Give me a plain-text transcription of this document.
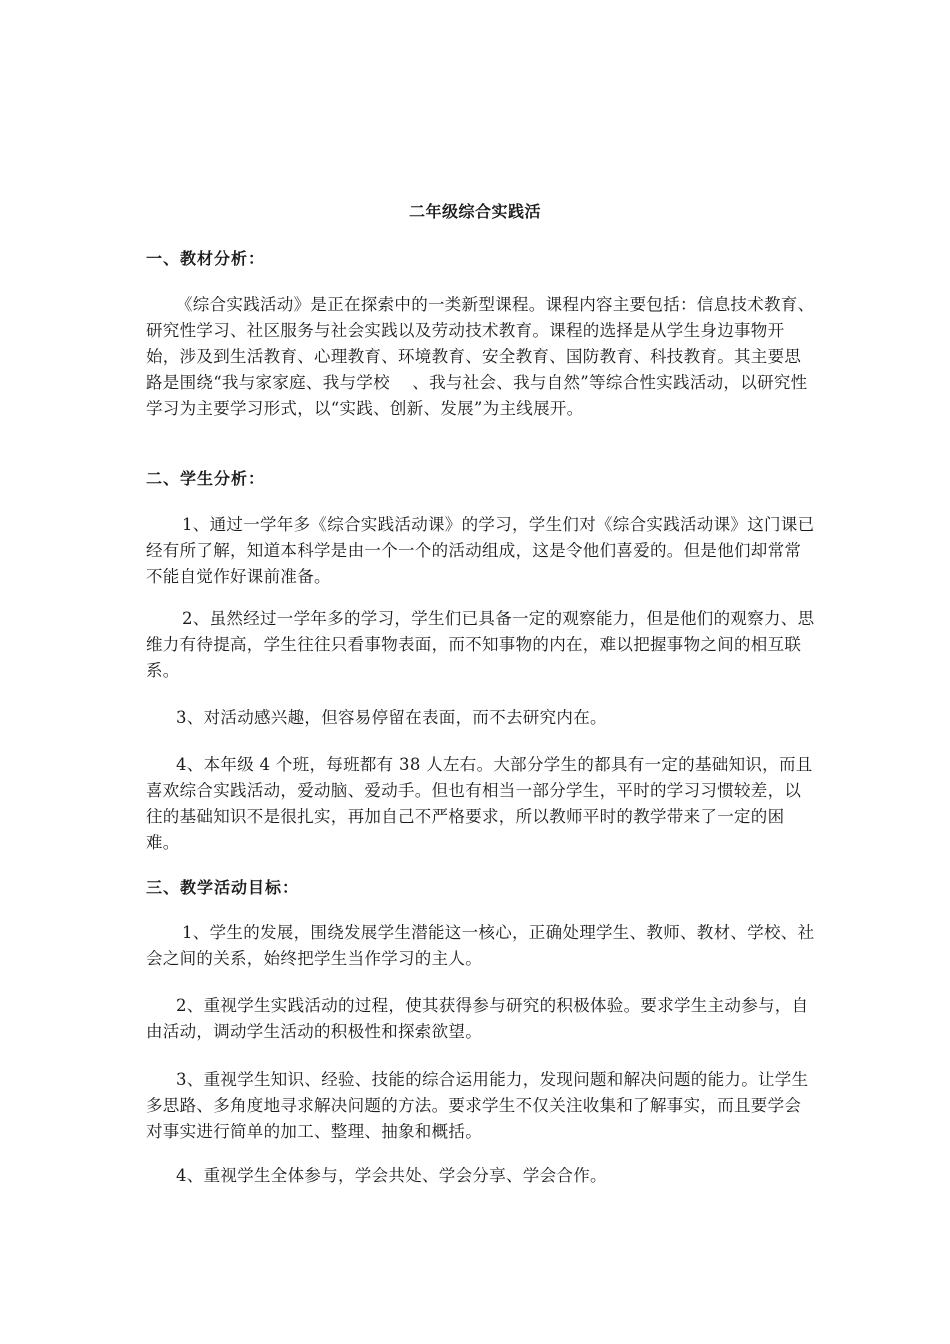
二年级综合实践活
一、教材分析：
《综合实践活动》是正在探索中的一类新型课程。课程内容主要包括：信息技术教育、研究性学习、社区服务与社会实践以及劳动技术教育。课程的选择是从学生身边事物开始，涉及到生活教育、心理教育、环境教育、安全教育、国防教育、科技教育。其主要思路是围绕“我与家家庭、我与学校　 、我与社会、我与自然”等综合性实践活动，以研究性学习为主要学习形式，以“实践、创新、发展”为主线展开。
二、学生分析：
1、通过一学年多《综合实践活动课》的学习，学生们对《综合实践活动课》这门课已经有所了解，知道本科学是由一个一个的活动组成，这是令他们喜爱的。但是他们却常常不能自觉作好课前准备。
2、虽然经过一学年多的学习，学生们已具备一定的观察能力，但是他们的观察力、思维力有待提高，学生往往只看事物表面，而不知事物的内在，难以把握事物之间的相互联系。
3、对活动感兴趣，但容易停留在表面，而不去研究内在。
4、本年级 4 个班，每班都有 38 人左右。大部分学生的都具有一定的基础知识，而且喜欢综合实践活动，爱动脑、爱动手。但也有相当一部分学生，平时的学习习惯较差，以往的基础知识不是很扎实，再加自己不严格要求，所以教师平时的教学带来了一定的困难。
三、教学活动目标：
1、学生的发展，围绕发展学生潜能这一核心，正确处理学生、教师、教材、学校、社会之间的关系，始终把学生当作学习的主人。
2、重视学生实践活动的过程，使其获得参与研究的积极体验。要求学生主动参与，自由活动，调动学生活动的积极性和探索欲望。
3、重视学生知识、经验、技能的综合运用能力，发现问题和解决问题的能力。让学生多思路、多角度地寻求解决问题的方法。要求学生不仅关注收集和了解事实，而且要学会对事实进行简单的加工、整理、抽象和概括。
4、重视学生全体参与，学会共处、学会分享、学会合作。
